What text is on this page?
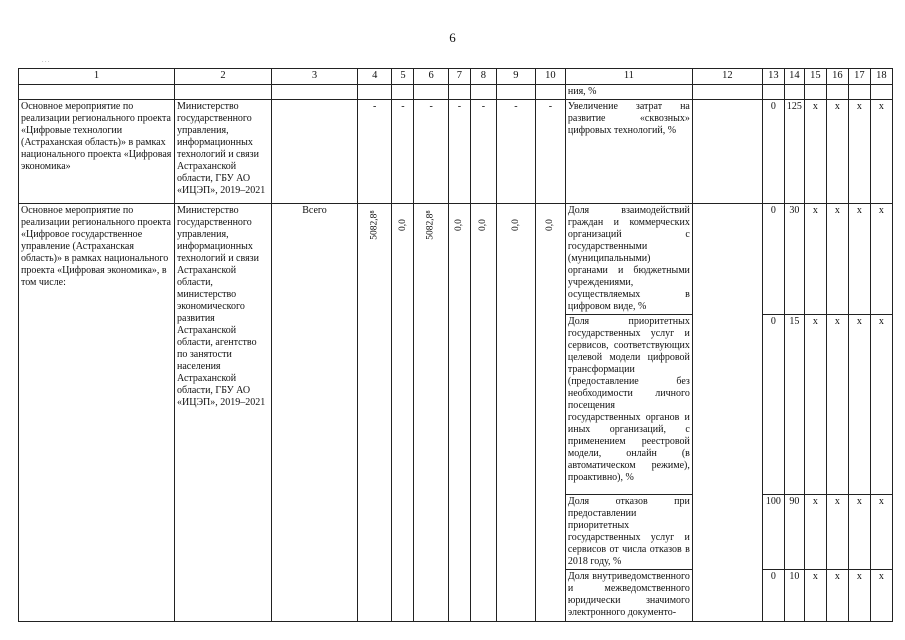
6
. . .
1	2	3	4	5	6	7	8	9	10	11	12	13	14	15	16	17	18
										ния, %							
Основное мероприятие по реализации регионального проекта «Цифровые технологии (Астраханская область)» в рамках национального проекта «Цифровая экономика»	Министерство государственного управления, информационных технологий и связи Астраханской области, ГБУ АО «ИЦЭП», 2019–2021		-	-	-	-	-	-	-	Увеличение затрат на развитие «сквозных» цифровых технологий, %		0	125	x	x	x	x
Основное мероприятие по реализации регионального проекта «Цифровое государственное управление (Астраханская область)» в рамках национального проекта «Цифровая экономика», в том числе:	Министерство государственного управления, информационных технологий и связи Астраханской области, министерство экономического развития Астраханской области, агентство по занятости населения Астраханской области, ГБУ АО «ИЦЭП», 2019–2021	Всего	5082,8⁸	0,0	5082,8⁸	0,0	0,0	0,0	0,0	Доля взаимодействий граждан и коммерческих организаций с государственными (муниципальными) органами и бюджетными учреждениями, осуществляемых в цифровом виде, %		0	30	x	x	x	x
										Доля приоритетных государственных услуг и сервисов, соответствующих целевой модели цифровой трансформации (предоставление без необходимости личного посещения государственных органов и иных организаций, с применением реестровой модели, онлайн (в автоматическом режиме), проактивно), %		0	15	x	x	x	x
										Доля отказов при предоставлении приоритетных государственных услуг и сервисов от числа отказов в 2018 году, %		100	90	x	x	x	x
										Доля внутриведомственного и межведомственного юридически значимого электронного документо-		0	10	x	x	x	x
